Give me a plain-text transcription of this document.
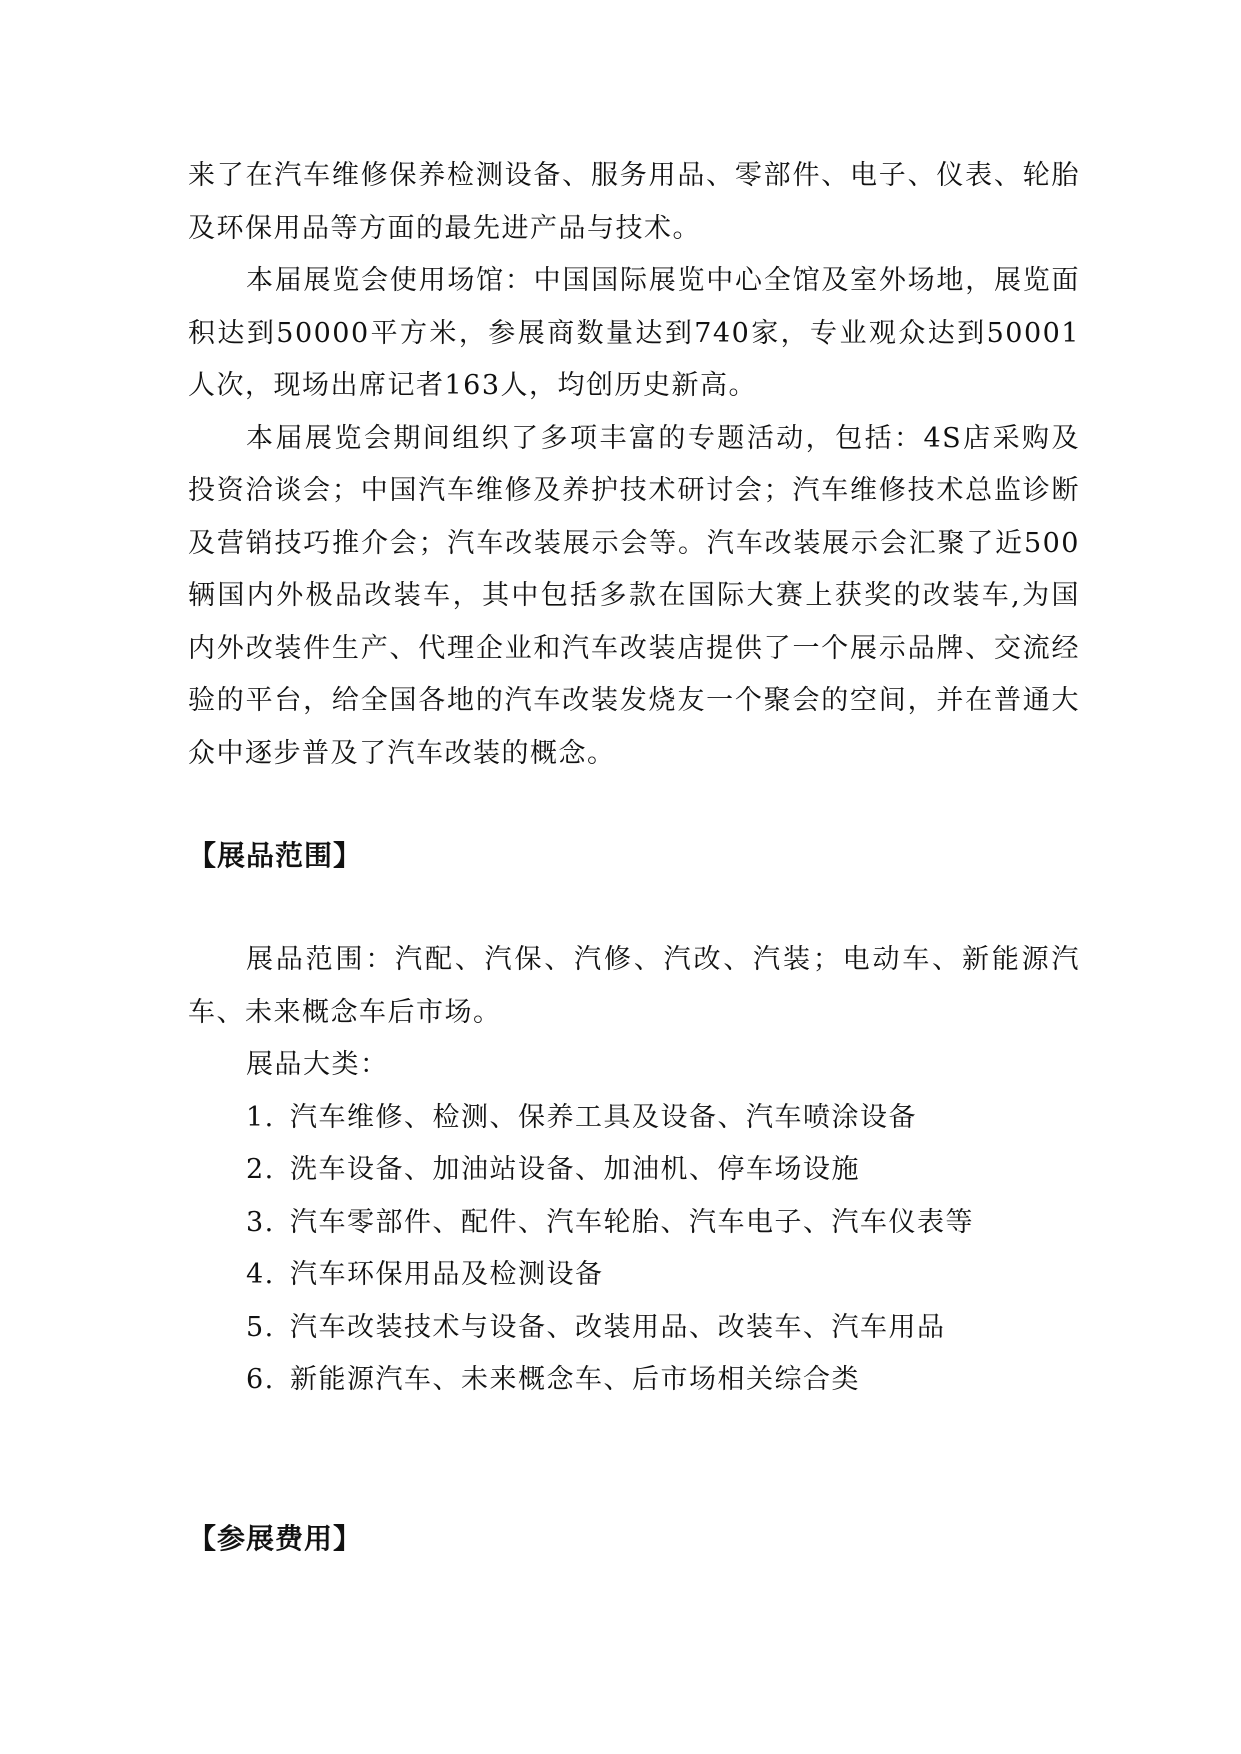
来了在汽车维修保养检测设备、服务用品、零部件、电子、仪表、轮胎及环保用品等方面的最先进产品与技术。

本届展览会使用场馆：中国国际展览中心全馆及室外场地，展览面积达到50000平方米，参展商数量达到740家，专业观众达到50001人次，现场出席记者163人，均创历史新高。

本届展览会期间组织了多项丰富的专题活动，包括：4S店采购及投资洽谈会；中国汽车维修及养护技术研讨会；汽车维修技术总监诊断及营销技巧推介会；汽车改装展示会等。汽车改装展示会汇聚了近500辆国内外极品改装车，其中包括多款在国际大赛上获奖的改装车,为国内外改装件生产、代理企业和汽车改装店提供了一个展示品牌、交流经验的平台，给全国各地的汽车改装发烧友一个聚会的空间，并在普通大众中逐步普及了汽车改装的概念。

【展品范围】

展品范围：汽配、汽保、汽修、汽改、汽装；电动车、新能源汽车、未来概念车后市场。

展品大类：

1. 汽车维修、检测、保养工具及设备、汽车喷涂设备
2. 洗车设备、加油站设备、加油机、停车场设施
3. 汽车零部件、配件、汽车轮胎、汽车电子、汽车仪表等
4. 汽车环保用品及检测设备
5. 汽车改装技术与设备、改装用品、改装车、汽车用品
6. 新能源汽车、未来概念车、后市场相关综合类
【参展费用】
